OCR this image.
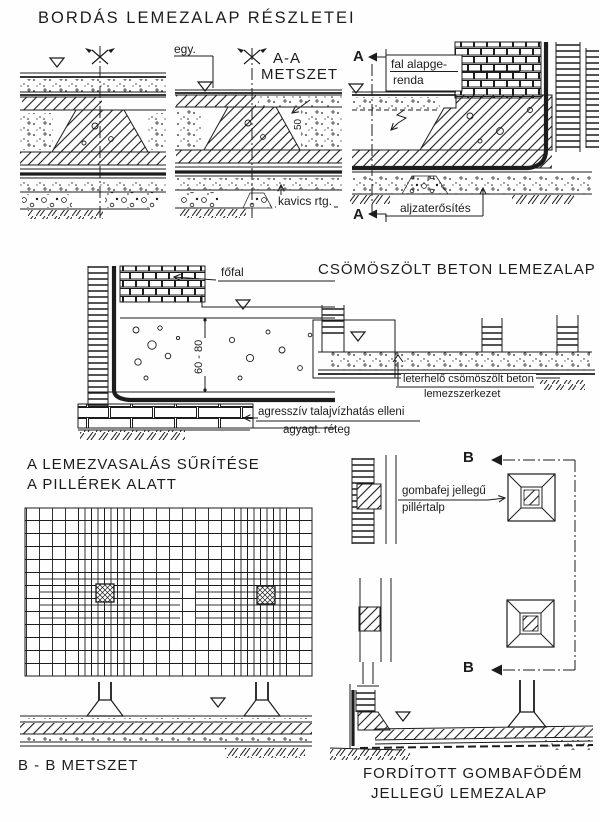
BORDÁS LEMEZALAP RÉSZLETEI
egy.
A-A
METSZET
A
A
fal alapge-
renda
kavics rtg.	aljzaterősítés
50
főfal
60 - 80
agresszív talajvízhatás elleni
agyagt. réteg
CSÖMÖSZÖLT BETON LEMEZALAP
leterhelő csömöszölt beton
lemezszerkezet
A LEMEZVASALÁS SŰRÍTÉSE
A PILLÉREK ALATT
B - B METSZET
B
B
gombafej jellegű
pillértalp
FORDÍTOTT GOMBAFÖDÉM
JELLEGŰ LEMEZALAP
